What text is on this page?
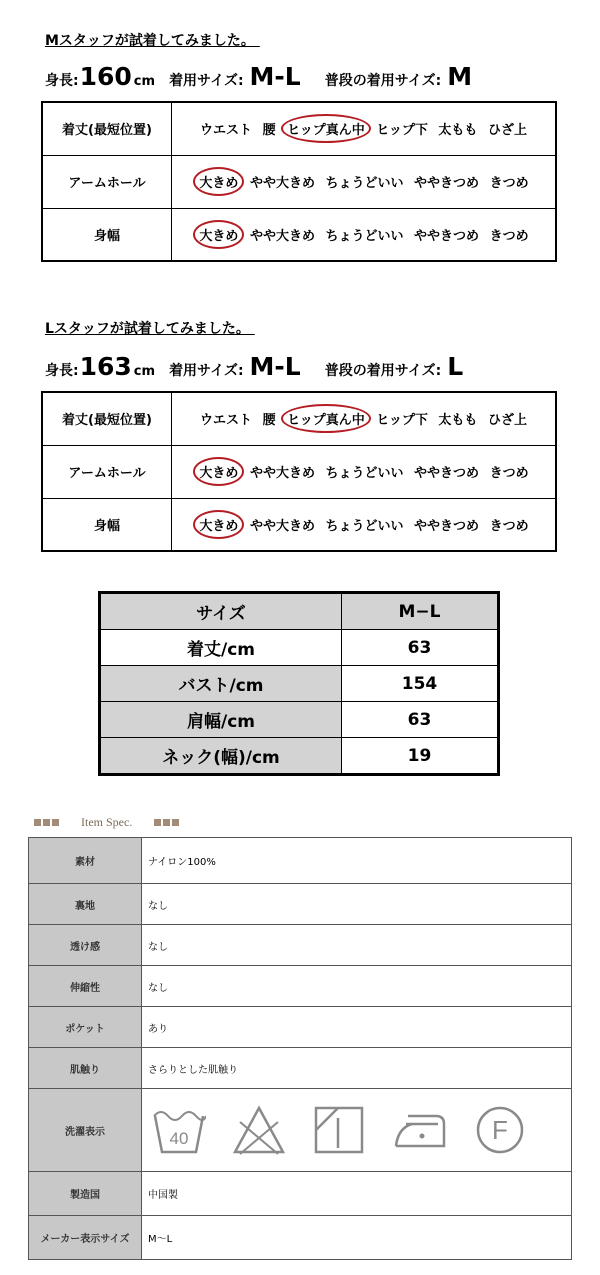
Mスタッフが試着してみました。
身長: 160 cm 着用サイズ: M-L 普段の着用サイズ: M
着丈(最短位置)	ウエスト 腰 ヒップ真ん中 ヒップ下 太もも ひざ上
アームホール	大きめ やや大きめ ちょうどいい ややきつめ きつめ
身幅	大きめ やや大きめ ちょうどいい ややきつめ きつめ
Lスタッフが試着してみました。
身長: 163 cm 着用サイズ: M-L 普段の着用サイズ: L
着丈(最短位置)	ウエスト 腰 ヒップ真ん中 ヒップ下 太もも ひざ上
アームホール	大きめ やや大きめ ちょうどいい ややきつめ きつめ
身幅	大きめ やや大きめ ちょうどいい ややきつめ きつめ
サイズ	M−L
着丈/cm	63
バスト/cm	154
肩幅/cm	63
ネック(幅)/cm	19
Item Spec.
素材	ナイロン100%
裏地	なし
透け感	なし
伸縮性	なし
ポケット	あり
肌触り	さらりとした肌触り
洗濯表示	40 F

製造国	中国製
メーカー表示サイズ	M〜L
